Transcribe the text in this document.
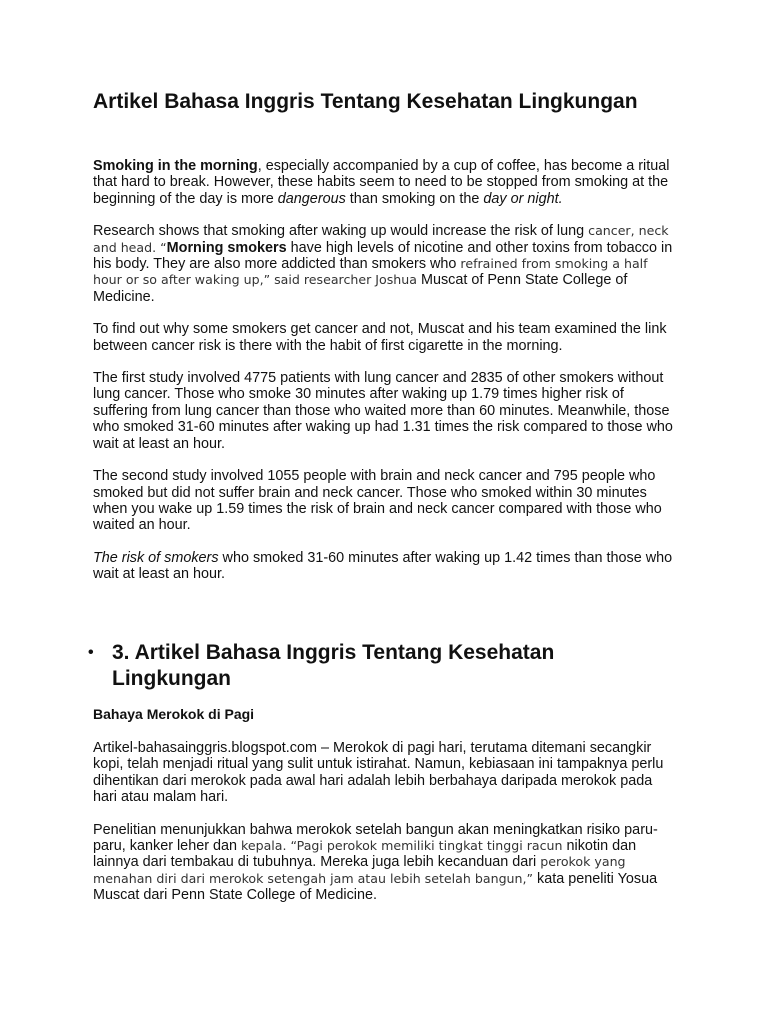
Artikel Bahasa Inggris Tentang Kesehatan Lingkungan

Smoking in the morning, especially accompanied by a cup of coffee, has become a ritual that hard to break. However, these habits seem to need to be stopped from smoking at the beginning of the day is more dangerous than smoking on the day or night.

Research shows that smoking after waking up would increase the risk of lung cancer, neck and head. “Morning smokers have high levels of nicotine and other toxins from tobacco in his body. They are also more addicted than smokers who refrained from smoking a half hour or so after waking up,” said researcher Joshua Muscat of Penn State College of Medicine.

To find out why some smokers get cancer and not, Muscat and his team examined the link between cancer risk is there with the habit of first cigarette in the morning.

The first study involved 4775 patients with lung cancer and 2835 of other smokers without lung cancer. Those who smoke 30 minutes after waking up 1.79 times higher risk of suffering from lung cancer than those who waited more than 60 minutes. Meanwhile, those who smoked 31-60 minutes after waking up had 1.31 times the risk compared to those who wait at least an hour.

The second study involved 1055 people with brain and neck cancer and 795 people who smoked but did not suffer brain and neck cancer. Those who smoked within 30 minutes when you wake up 1.59 times the risk of brain and neck cancer compared with those who waited an hour.

The risk of smokers who smoked 31-60 minutes after waking up 1.42 times than those who wait at least an hour.

• 3. Artikel Bahasa Inggris Tentang Kesehatan Lingkungan

Bahaya Merokok di Pagi

Artikel-bahasainggris.blogspot.com – Merokok di pagi hari, terutama ditemani secangkir kopi, telah menjadi ritual yang sulit untuk istirahat. Namun, kebiasaan ini tampaknya perlu dihentikan dari merokok pada awal hari adalah lebih berbahaya daripada merokok pada hari atau malam hari.

Penelitian menunjukkan bahwa merokok setelah bangun akan meningkatkan risiko paru-paru, kanker leher dan kepala. “Pagi perokok memiliki tingkat tinggi racun nikotin dan lainnya dari tembakau di tubuhnya. Mereka juga lebih kecanduan dari perokok yang menahan diri dari merokok setengah jam atau lebih setelah bangun,” kata peneliti Yosua Muscat dari Penn State College of Medicine.
